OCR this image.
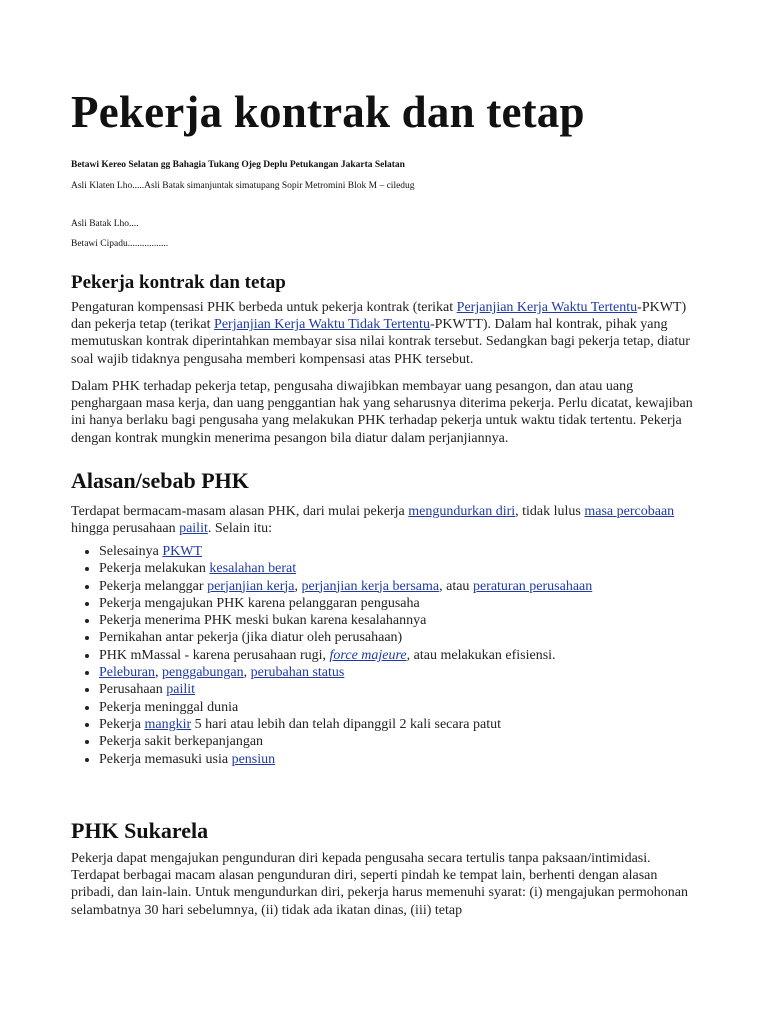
Pekerja kontrak dan tetap

Betawi Kereo Selatan gg Bahagia Tukang Ojeg Deplu Petukangan Jakarta Selatan

Asli Klaten Lho.....Asli Batak simanjuntak simatupang Sopir Metromini Blok M – ciledug

Asli Batak Lho....

Betawi Cipadu.................

Pekerja kontrak dan tetap

Pengaturan kompensasi PHK berbeda untuk pekerja kontrak (terikat Perjanjian Kerja Waktu Tertentu-PKWT) dan pekerja tetap (terikat Perjanjian Kerja Waktu Tidak Tertentu-PKWTT). Dalam hal kontrak, pihak yang memutuskan kontrak diperintahkan membayar sisa nilai kontrak tersebut. Sedangkan bagi pekerja tetap, diatur soal wajib tidaknya pengusaha memberi kompensasi atas PHK tersebut.

Dalam PHK terhadap pekerja tetap, pengusaha diwajibkan membayar uang pesangon, dan atau uang penghargaan masa kerja, dan uang penggantian hak yang seharusnya diterima pekerja. Perlu dicatat, kewajiban ini hanya berlaku bagi pengusaha yang melakukan PHK terhadap pekerja untuk waktu tidak tertentu. Pekerja dengan kontrak mungkin menerima pesangon bila diatur dalam perjanjiannya.

Alasan/sebab PHK

Terdapat bermacam-masam alasan PHK, dari mulai pekerja mengundurkan diri, tidak lulus masa percobaan hingga perusahaan pailit. Selain itu:

• Selesainya PKWT
• Pekerja melakukan kesalahan berat
• Pekerja melanggar perjanjian kerja, perjanjian kerja bersama, atau peraturan perusahaan
• Pekerja mengajukan PHK karena pelanggaran pengusaha
• Pekerja menerima PHK meski bukan karena kesalahannya
• Pernikahan antar pekerja (jika diatur oleh perusahaan)
• PHK mMassal - karena perusahaan rugi, force majeure, atau melakukan efisiensi.
• Peleburan, penggabungan, perubahan status
• Perusahaan pailit
• Pekerja meninggal dunia
• Pekerja mangkir 5 hari atau lebih dan telah dipanggil 2 kali secara patut
• Pekerja sakit berkepanjangan
• Pekerja memasuki usia pensiun
PHK Sukarela

Pekerja dapat mengajukan pengunduran diri kepada pengusaha secara tertulis tanpa paksaan/intimidasi. Terdapat berbagai macam alasan pengunduran diri, seperti pindah ke tempat lain, berhenti dengan alasan pribadi, dan lain-lain. Untuk mengundurkan diri, pekerja harus memenuhi syarat: (i) mengajukan permohonan selambatnya 30 hari sebelumnya, (ii) tidak ada ikatan dinas, (iii) tetap
